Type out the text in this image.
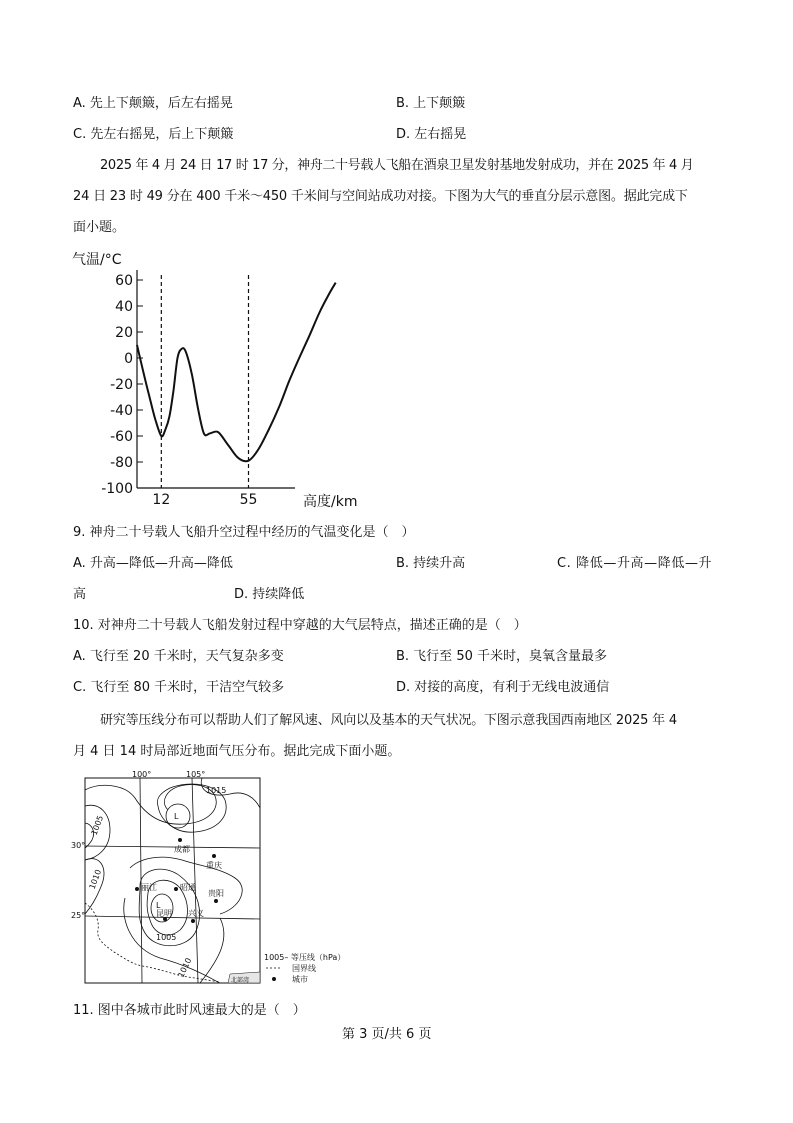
A. 先上下颠簸，后左右摇晃	B. 上下颠簸
C. 先左右摇晃，后上下颠簸	D. 左右摇晃
2025 年 4 月 24 日 17 时 17 分，神舟二十号载人飞船在酒泉卫星发射基地发射成功，并在 2025 年 4 月
24 日 23 时 49 分在 400 千米～450 千米间与空间站成功对接。下图为大气的垂直分层示意图。据此完成下
面小题。
气温/°C
高度/km
60
40
20
0
-20
-40
-60
-80
-100
12	55
9. 神舟二十号载人飞船升空过程中经历的气温变化是（　）
A. 升高—降低—升高—降低	B. 持续升高	C. 降低—升高—降低—升
高	D. 持续降低
10. 对神舟二十号载人飞船发射过程中穿越的大气层特点，描述正确的是（　）
A. 飞行至 20 千米时，天气复杂多变	B. 飞行至 50 千米时，臭氧含量最多
C. 飞行至 80 千米时，干洁空气较多	D. 对接的高度，有利于无线电波通信
研究等压线分布可以帮助人们了解风速、风向以及基本的天气状况。下图示意我国西南地区 2025 年 4
月 4 日 14 时局部近地面气压分布。据此完成下面小题。
100°	105°
30°
25°
北部湾
1015
1005
1010
1005
1010
L
L
成都
重庆
丽江	昭通
贵阳
昆明 兴义
1005– 等压线（hPa）
国界线
城市
11. 图中各城市此时风速最大的是（　）
第 3 页/共 6 页
